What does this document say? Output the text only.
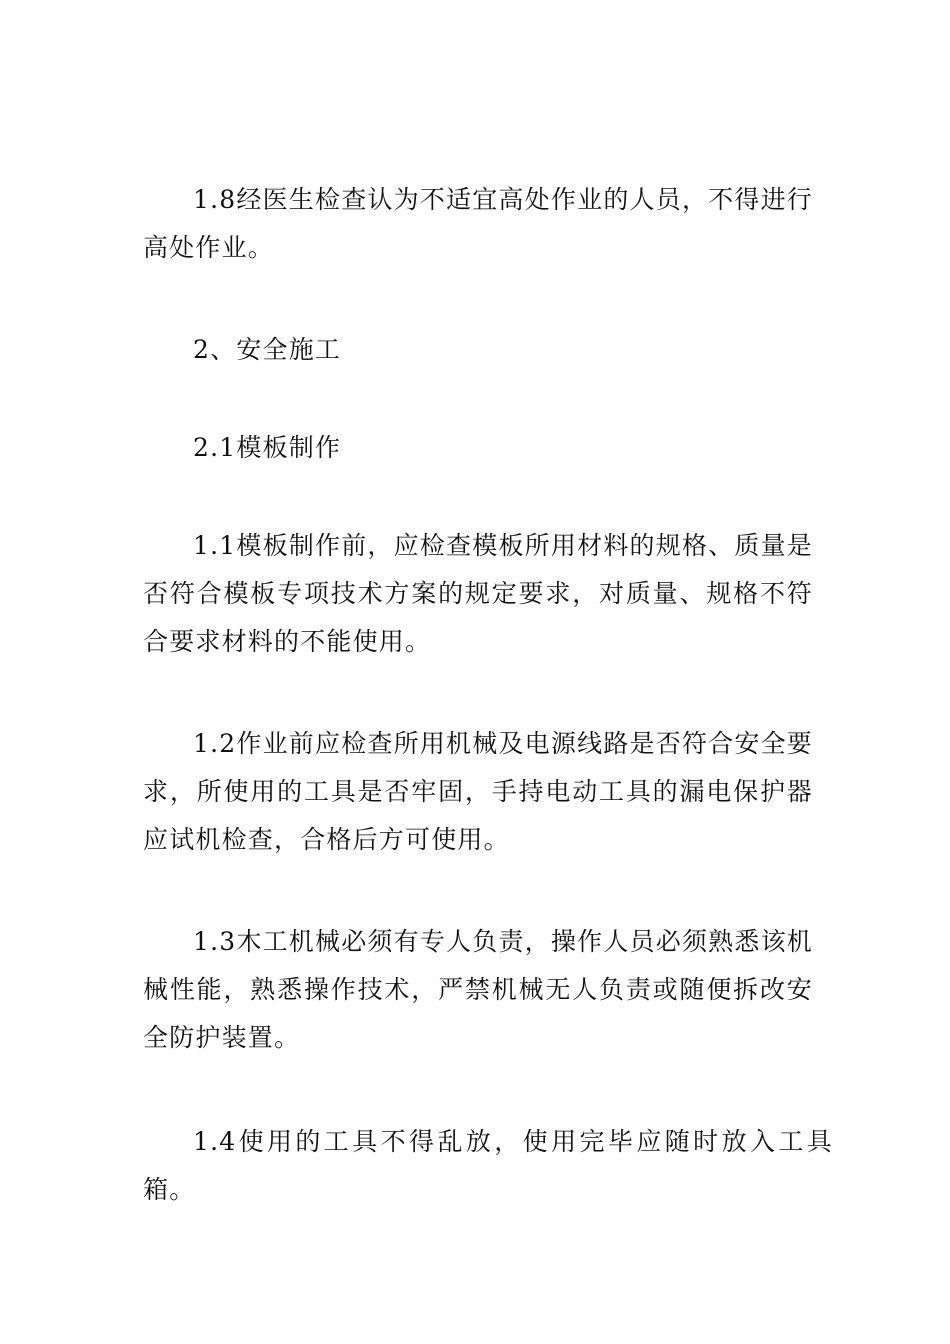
1.8经医生检查认为不适宜高处作业的人员，不得进行高处作业。

2、安全施工

2.1模板制作

1.1模板制作前，应检查模板所用材料的规格、质量是否符合模板专项技术方案的规定要求，对质量、规格不符合要求材料的不能使用。

1.2作业前应检查所用机械及电源线路是否符合安全要求，所使用的工具是否牢固，手持电动工具的漏电保护器应试机检查，合格后方可使用。

1.3木工机械必须有专人负责，操作人员必须熟悉该机械性能，熟悉操作技术，严禁机械无人负责或随便拆改安全防护装置。

1.4使用的工具不得乱放，使用完毕应随时放入工具箱。
